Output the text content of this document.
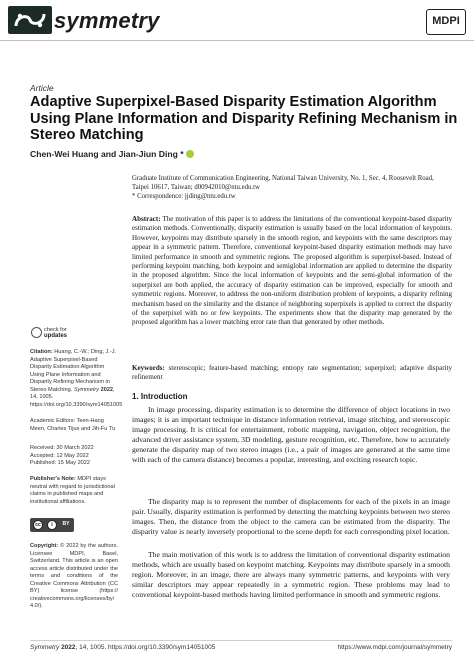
symmetry	MDPI
Article
Adaptive Superpixel-Based Disparity Estimation Algorithm Using Plane Information and Disparity Refining Mechanism in Stereo Matching
Chen-Wei Huang and Jian-Jiun Ding *
Graduate Institute of Communication Engineering, National Taiwan University, No. 1, Sec. 4, Roosevelt Road, Taipei 10617, Taiwan; d00942010@ntu.edu.tw
* Correspondence: jjding@ntu.edu.tw
Abstract: The motivation of this paper is to address the limitations of the conventional keypoint-based disparity estimation methods. Conventionally, disparity estimation is usually based on the local information of keypoints. However, keypoints may distribute sparsely in the smooth region, and keypoints with the same descriptors may appear in a symmetric pattern. Therefore, conventional keypoint-based disparity estimation methods may have limited performance in smooth and symmetric regions. The proposed algorithm is superpixel-based. Instead of performing keypoint matching, both keypoint and semiglobal information are applied to determine the disparity in the proposed algorithm. Since the local information of keypoints and the semi-global information of the superpixel are both applied, the accuracy of disparity estimation can be improved, especially for smooth and symmetric regions. Moreover, to address the non-uniform distribution problem of keypoints, a disparity refining mechanism based on the similarity and the distance of neighboring superpixels is applied to correct the disparity of the superpixel with no or few keypoints. The experiments show that the disparity map generated by the proposed algorithm has a lower matching error rate than that generated by other methods.
Keywords: stereoscopic; feature-based matching; entropy rate segmentation; superpixel; adaptive disparity refinement
1. Introduction
In image processing, disparity estimation is to determine the difference of object locations in two images; it is an important technique in distance information retrieval, image stitching, and stereoscopic image processing. It is critical for entertainment, robotic mapping, navigation, object recognition, the advanced driver assistance system, 3D modeling, gesture recognition, etc. Therefore, how to accurately generate the disparity map of two stereo images (i.e., a pair of images are generated at the same time with each of the camera distance) becomes a popular, interesting, and exciting research topic.
The disparity map is to represent the number of displacements for each of the pixels in an image pair. Usually, disparity estimation is performed by detecting the matching keypoints between two stereo images. Then, the distance from the object to the camera can be estimated from the disparity. The disparity value is nearly inversely proportional to the scene depth for each corresponding pixel location.
The main motivation of this work is to address the limitation of conventional disparity estimation methods, which are usually based on keypoint matching. Keypoints may distribute sparsely in a smooth region. Moreover, in an image, there are always many symmetric patterns, and keypoints with very similar descriptors may appear repeatedly in a symmetric region. These problems may lead to conventional keypoint-based methods having limited performance in smooth and symmetric regions.
check for
updates
Citation: Huang, C.-W.; Ding, J.-J. Adaptive Superpixel-Based Disparity Estimation Algorithm Using Plane Information and Disparity Refining Mechanism in Stereo Matching. Symmetry 2022, 14, 1005. https://doi.org/10.3390/sym14051005
Academic Editors: Teen-Hang Meen, Charles Tijus and Jih-Fu Tu
Received: 30 March 2022
Accepted: 12 May 2022
Published: 15 May 2022
Publisher's Note: MDPI stays neutral with regard to jurisdictional claims in published maps and institutional affiliations.
cc	i	BY
Copyright: © 2022 by the authors. Licensee MDPI, Basel, Switzerland. This article is an open access article distributed under the terms and conditions of the Creative Commons Attribution (CC BY) license (https:// creativecommons.org/licenses/by/ 4.0/).
Symmetry 2022, 14, 1005. https://doi.org/10.3390/sym14051005	https://www.mdpi.com/journal/symmetry
